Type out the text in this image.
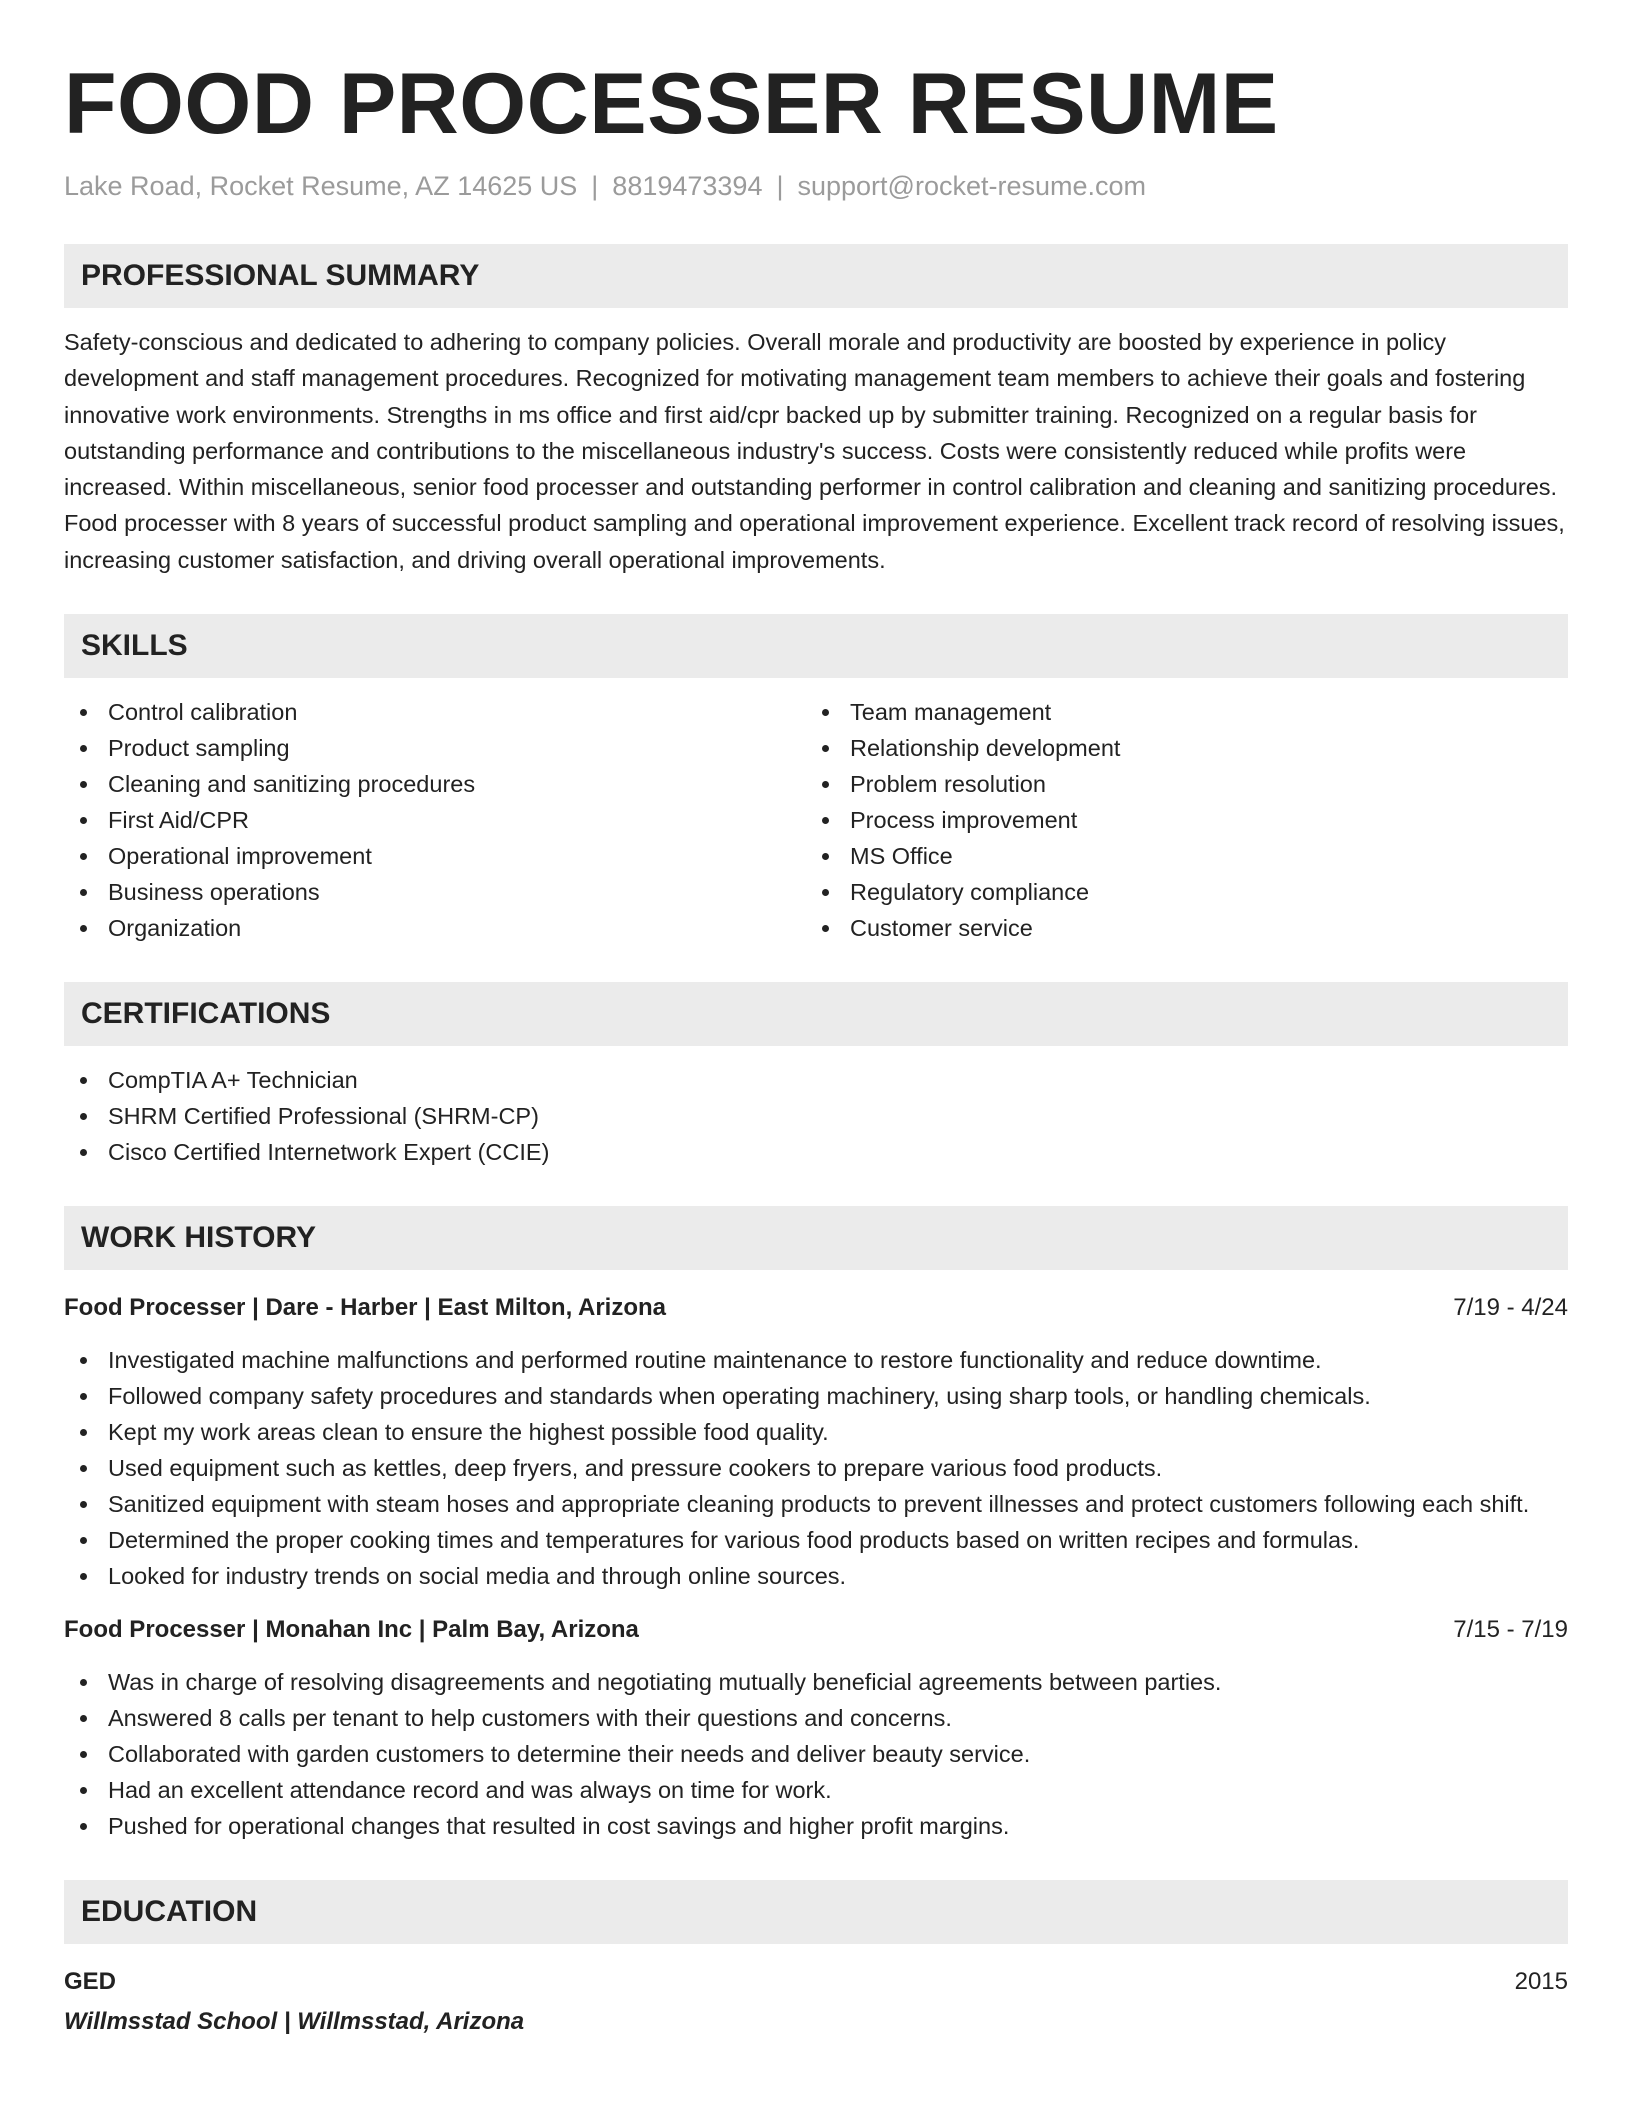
FOOD PROCESSER RESUME
Lake Road, Rocket Resume, AZ 14625 US | 8819473394 | support@rocket-resume.com
PROFESSIONAL SUMMARY
Safety-conscious and dedicated to adhering to company policies. Overall morale and productivity are boosted by experience in policy development and staff management procedures. Recognized for motivating management team members to achieve their goals and fostering innovative work environments. Strengths in ms office and first aid/cpr backed up by submitter training. Recognized on a regular basis for outstanding performance and contributions to the miscellaneous industry's success. Costs were consistently reduced while profits were increased. Within miscellaneous, senior food processer and outstanding performer in control calibration and cleaning and sanitizing procedures. Food processer with 8 years of successful product sampling and operational improvement experience. Excellent track record of resolving issues, increasing customer satisfaction, and driving overall operational improvements.
SKILLS
Control calibration
Product sampling
Cleaning and sanitizing procedures
First Aid/CPR
Operational improvement
Business operations
Organization
Team management
Relationship development
Problem resolution
Process improvement
MS Office
Regulatory compliance
Customer service
CERTIFICATIONS
CompTIA A+ Technician
SHRM Certified Professional (SHRM-CP)
Cisco Certified Internetwork Expert (CCIE)
WORK HISTORY
Food Processer | Dare - Harber | East Milton, Arizona	7/19 - 4/24
Investigated machine malfunctions and performed routine maintenance to restore functionality and reduce downtime.
Followed company safety procedures and standards when operating machinery, using sharp tools, or handling chemicals.
Kept my work areas clean to ensure the highest possible food quality.
Used equipment such as kettles, deep fryers, and pressure cookers to prepare various food products.
Sanitized equipment with steam hoses and appropriate cleaning products to prevent illnesses and protect customers following each shift.
Determined the proper cooking times and temperatures for various food products based on written recipes and formulas.
Looked for industry trends on social media and through online sources.
Food Processer | Monahan Inc | Palm Bay, Arizona	7/15 - 7/19
Was in charge of resolving disagreements and negotiating mutually beneficial agreements between parties.
Answered 8 calls per tenant to help customers with their questions and concerns.
Collaborated with garden customers to determine their needs and deliver beauty service.
Had an excellent attendance record and was always on time for work.
Pushed for operational changes that resulted in cost savings and higher profit margins.
EDUCATION
GED	2015
Willmsstad School | Willmsstad, Arizona
